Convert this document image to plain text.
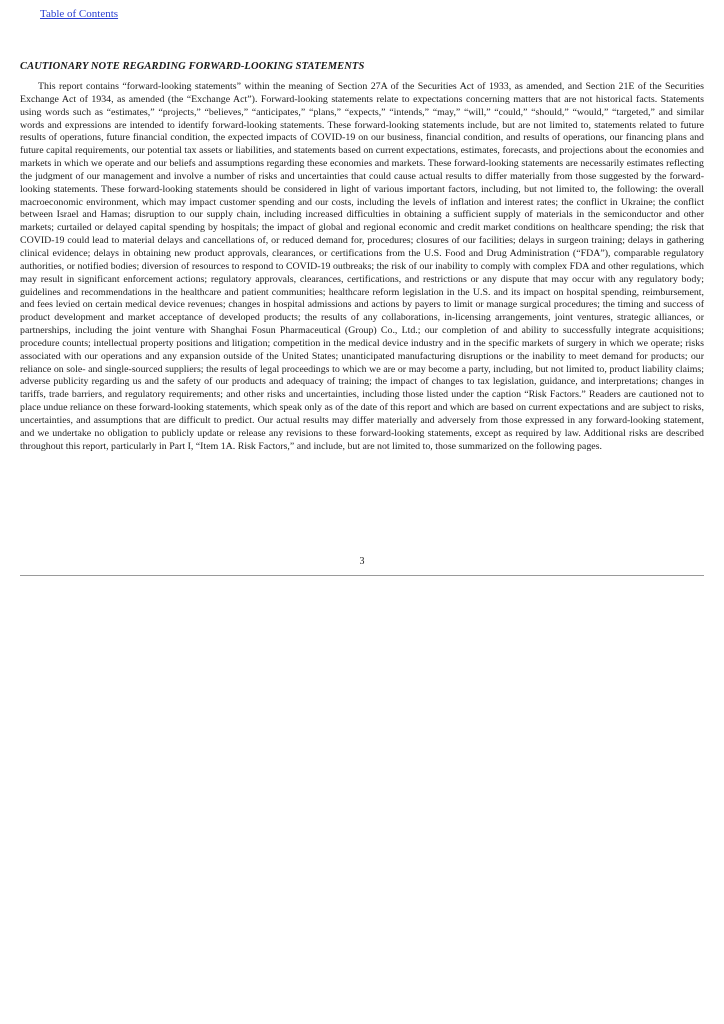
Table of Contents
CAUTIONARY NOTE REGARDING FORWARD-LOOKING STATEMENTS

This report contains “forward-looking statements” within the meaning of Section 27A of the Securities Act of 1933, as amended, and Section 21E of the Securities Exchange Act of 1934, as amended (the “Exchange Act”). Forward-looking statements relate to expectations concerning matters that are not historical facts. Statements using words such as “estimates,” “projects,” “believes,” “anticipates,” “plans,” “expects,” “intends,” “may,” “will,” “could,” “should,” “would,” “targeted,” and similar words and expressions are intended to identify forward-looking statements. These forward-looking statements include, but are not limited to, statements related to future results of operations, future financial condition, the expected impacts of COVID-19 on our business, financial condition, and results of operations, our financing plans and future capital requirements, our potential tax assets or liabilities, and statements based on current expectations, estimates, forecasts, and projections about the economies and markets in which we operate and our beliefs and assumptions regarding these economies and markets. These forward-looking statements are necessarily estimates reflecting the judgment of our management and involve a number of risks and uncertainties that could cause actual results to differ materially from those suggested by the forward-looking statements. These forward-looking statements should be considered in light of various important factors, including, but not limited to, the following: the overall macroeconomic environment, which may impact customer spending and our costs, including the levels of inflation and interest rates; the conflict in Ukraine; the conflict between Israel and Hamas; disruption to our supply chain, including increased difficulties in obtaining a sufficient supply of materials in the semiconductor and other markets; curtailed or delayed capital spending by hospitals; the impact of global and regional economic and credit market conditions on healthcare spending; the risk that COVID-19 could lead to material delays and cancellations of, or reduced demand for, procedures; closures of our facilities; delays in surgeon training; delays in gathering clinical evidence; delays in obtaining new product approvals, clearances, or certifications from the U.S. Food and Drug Administration (“FDA”), comparable regulatory authorities, or notified bodies; diversion of resources to respond to COVID-19 outbreaks; the risk of our inability to comply with complex FDA and other regulations, which may result in significant enforcement actions; regulatory approvals, clearances, certifications, and restrictions or any dispute that may occur with any regulatory body; guidelines and recommendations in the healthcare and patient communities; healthcare reform legislation in the U.S. and its impact on hospital spending, reimbursement, and fees levied on certain medical device revenues; changes in hospital admissions and actions by payers to limit or manage surgical procedures; the timing and success of product development and market acceptance of developed products; the results of any collaborations, in-licensing arrangements, joint ventures, strategic alliances, or partnerships, including the joint venture with Shanghai Fosun Pharmaceutical (Group) Co., Ltd.; our completion of and ability to successfully integrate acquisitions; procedure counts; intellectual property positions and litigation; competition in the medical device industry and in the specific markets of surgery in which we operate; risks associated with our operations and any expansion outside of the United States; unanticipated manufacturing disruptions or the inability to meet demand for products; our reliance on sole- and single-sourced suppliers; the results of legal proceedings to which we are or may become a party, including, but not limited to, product liability claims; adverse publicity regarding us and the safety of our products and adequacy of training; the impact of changes to tax legislation, guidance, and interpretations; changes in tariffs, trade barriers, and regulatory requirements; and other risks and uncertainties, including those listed under the caption “Risk Factors.” Readers are cautioned not to place undue reliance on these forward-looking statements, which speak only as of the date of this report and which are based on current expectations and are subject to risks, uncertainties, and assumptions that are difficult to predict. Our actual results may differ materially and adversely from those expressed in any forward-looking statement, and we undertake no obligation to publicly update or release any revisions to these forward-looking statements, except as required by law. Additional risks are described throughout this report, particularly in Part I, “Item 1A. Risk Factors,” and include, but are not limited to, those summarized on the following pages.

3
